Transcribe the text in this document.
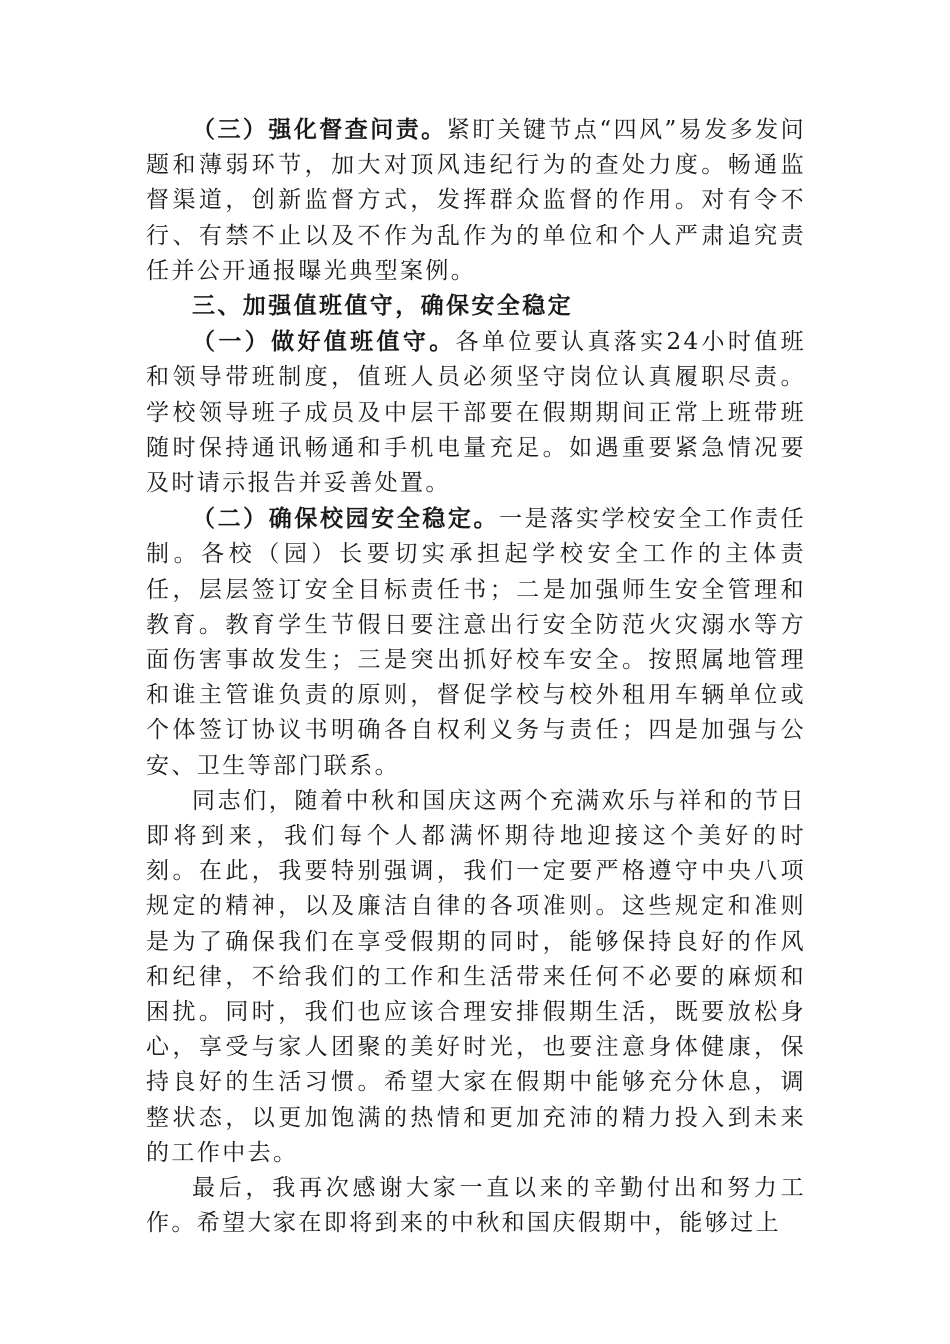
（三）强化督查问责。紧盯关键节点“四风”易发多发问题和薄弱环节，加大对顶风违纪行为的查处力度。畅通监督渠道，创新监督方式，发挥群众监督的作用。对有令不行、有禁不止以及不作为乱作为的单位和个人严肃追究责任并公开通报曝光典型案例。

三、加强值班值守，确保安全稳定

（一）做好值班值守。各单位要认真落实24小时值班和领导带班制度，值班人员必须坚守岗位认真履职尽责。学校领导班子成员及中层干部要在假期期间正常上班带班随时保持通讯畅通和手机电量充足。如遇重要紧急情况要及时请示报告并妥善处置。

（二）确保校园安全稳定。一是落实学校安全工作责任制。各校（园）长要切实承担起学校安全工作的主体责任，层层签订安全目标责任书；二是加强师生安全管理和教育。教育学生节假日要注意出行安全防范火灾溺水等方面伤害事故发生；三是突出抓好校车安全。按照属地管理和谁主管谁负责的原则，督促学校与校外租用车辆单位或个体签订协议书明确各自权利义务与责任；四是加强与公安、卫生等部门联系。

同志们，随着中秋和国庆这两个充满欢乐与祥和的节日即将到来，我们每个人都满怀期待地迎接这个美好的时刻。在此，我要特别强调，我们一定要严格遵守中央八项规定的精神，以及廉洁自律的各项准则。这些规定和准则是为了确保我们在享受假期的同时，能够保持良好的作风和纪律，不给我们的工作和生活带来任何不必要的麻烦和困扰。同时，我们也应该合理安排假期生活，既要放松身心，享受与家人团聚的美好时光，也要注意身体健康，保持良好的生活习惯。希望大家在假期中能够充分休息，调整状态，以更加饱满的热情和更加充沛的精力投入到未来的工作中去。

最后，我再次感谢大家一直以来的辛勤付出和努力工作。希望大家在即将到来的中秋和国庆假期中，能够过上
